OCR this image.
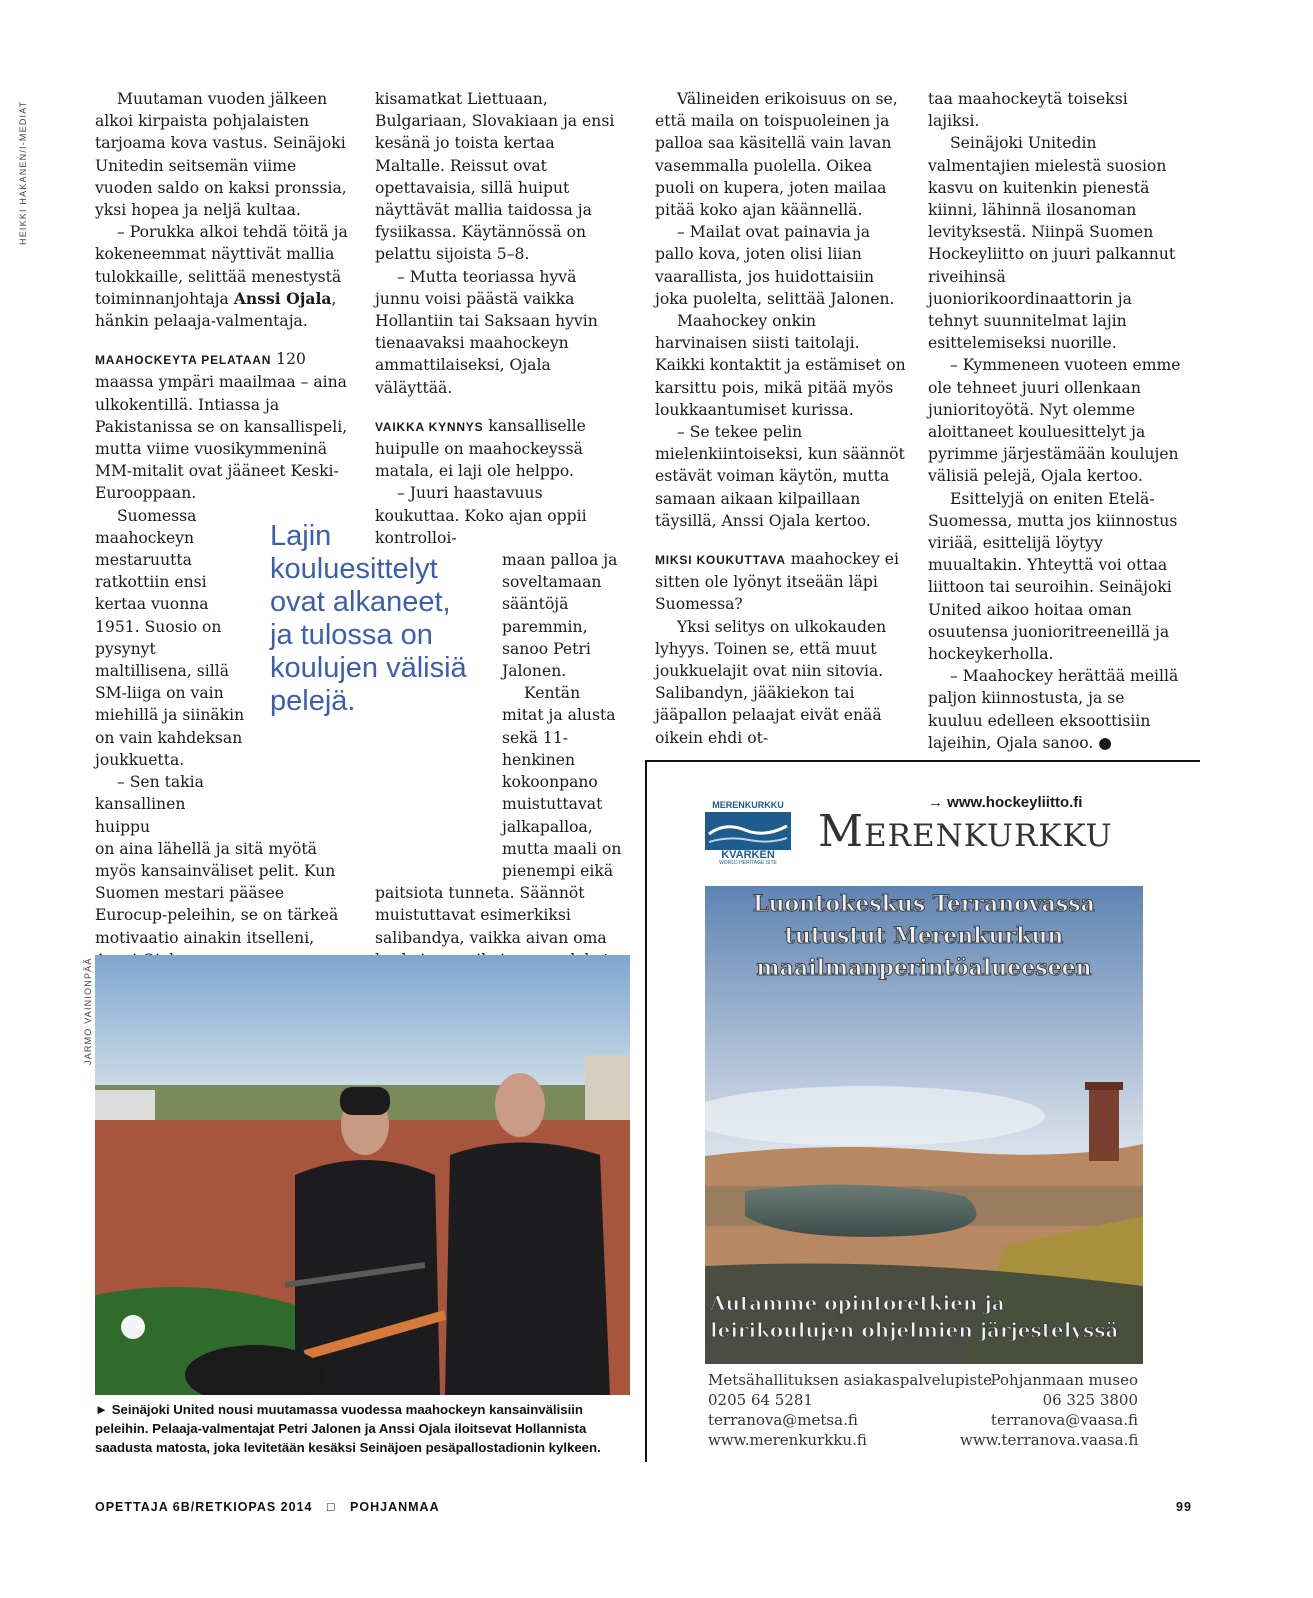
HEIKKI HAKANEN/I-MEDIAT
JARMO VAINIONPÄÄ

Muutaman vuoden jälkeen alkoi kirpaista pohjalaisten tarjoama kova vastus. Seinäjoki Unitedin seitsemän viime vuoden saldo on kaksi pronssia, yksi hopea ja neljä kultaa.

– Porukka alkoi tehdä töitä ja kokeneemmat näyttivät mallia tulokkaille, selittää menestystä toiminnanjohtaja Anssi Ojala, hänkin pelaaja-valmentaja.

MAAHOCKEYTA PELATAAN 120 maassa ympäri maailmaa – aina ulkokentillä. Intiassa ja Pakistanissa se on kansallispeli, mutta viime vuosikymmeninä MM-mitalit ovat jääneet Keski-Eurooppaan.

Suomessa maahockeyn mestaruutta ratkottiin ensi kertaa vuonna 1951. Suosio on pysynyt maltillisena, sillä SM-liiga on vain miehillä ja siinäkin on vain kahdeksan joukkuetta.

– Sen takia kansallinen huippu

on aina lähellä ja sitä myötä myös kansainväliset pelit. Kun Suomen mestari pääsee Eurocup-peleihin, se on tärkeä motivaatio ainakin itselleni,

kisamatkat Liettuaan, Bulgariaan, Slovakiaan ja ensi kesänä jo toista kertaa Maltalle. Reissut ovat opettavaisia, sillä huiput näyttävät mallia taidossa ja fysiikassa. Käytännössä on pelattu sijoista 5–8.

– Mutta teoriassa hyvä junnu voisi päästä vaikka Hollantiin tai Saksaan hyvin tienaavaksi maahockeyn ammattilaiseksi, Ojala väläyttää.

VAIKKA KYNNYS kansalliselle huipulle on maahockeyssä matala, ei laji ole helppo.

– Juuri haastavuus koukuttaa. Koko ajan oppii kontrolloi-

maan palloa ja soveltamaan sääntöjä paremmin, sanoo Petri Jalonen.

Kentän mitat ja alusta sekä 11-henkinen kokoonpano muistuttavat jalkapalloa, mutta maali on pienempi eikä

paitsiota tunneta. Säännöt muistuttavat esimerkiksi salibandya, vaikka aivan oma

Lajin kouluesittelyt ovat alkaneet, ja tulossa on koulujen välisiä pelejä.

Välineiden erikoisuus on se, että maila on toispuoleinen ja palloa saa käsitellä vain lavan vasemmalla puolella. Oikea puoli on kupera, joten mailaa pitää koko ajan käännellä.

– Mailat ovat painavia ja pallo kova, joten olisi liian vaarallista, jos huidottaisiin joka puolelta, selittää Jalonen.

Maahockey onkin harvinaisen siisti taitolaji. Kaikki kontaktit ja estämiset on karsittu pois, mikä pitää myös loukkaantumiset kurissa.

– Se tekee pelin mielenkiintoiseksi, kun säännöt estävät voiman käytön, mutta samaan aikaan kilpaillaan täysillä, Anssi Ojala kertoo.

MIKSI KOUKUTTAVA maahockey ei sitten ole lyönyt itseään läpi Suomessa?

Yksi selitys on ulkokauden lyhyys. Toinen se, että muut joukkuelajit ovat niin sitovia. Salibandyn, jääkiekon tai jääpallon pelaajat eivät enää oikein ehdi ot-

taa maahockeytä toiseksi lajiksi.

Seinäjoki Unitedin valmentajien mielestä suosion kasvu on kuitenkin pienestä kiinni, lähinnä ilosanoman levityksestä. Niinpä Suomen Hockeyliitto on juuri palkannut riveihinsä juoniorikoordinaattorin ja tehnyt suunnitelmat lajin esittelemiseksi nuorille.

– Kymmeneen vuoteen emme ole tehneet juuri ollenkaan junioritoyötä. Nyt olemme aloittaneet kouluesittelyt ja pyrimme järjestämään koulujen välisiä pelejä, Ojala kertoo.

Esittelyjä on eniten Etelä-Suomessa, mutta jos kiinnostus viriää, esittelijä löytyy muualtakin. Yhteyttä voi ottaa liittoon tai seuroihin. Seinäjoki United aikoo hoitaa oman osuutensa juonioritreeneillä ja hockeykerholla.

– Maahockey herättää meillä paljon kiinnostusta, ja se kuuluu edelleen eksoottisiin lajeihin, Ojala sanoo. ●

→ www.hockeyliitto.fi

► Seinäjoki United nousi muutamassa vuodessa maahockeyn kansainvälisiin peleihin. Pelaaja-valmentajat Petri Jalonen ja Anssi Ojala iloitsevat Hollannista saadusta matosta, joka levitetään kesäksi Seinäjoen pesäpallostadionin kylkeen.
MERENKURKKU
KVARKEN
WORLD HERITAGE SITE
Merenkurkku
Luontokeskus Terranovassa tutustut Merenkurkun maailmanperintöalueeseen
Autamme opintoretkien ja leirikoulujen ohjelmien järjestelyssä
Metsähallituksen asiakaspalvelupiste
0205 64 5281
terranova@metsa.fi
www.merenkurkku.fi
Pohjanmaan museo
06 325 3800
terranova@vaasa.fi
www.terranova.vaasa.fi
OPETTAJA 6B/RETKIOPAS 2014 □ POHJANMAA	99
